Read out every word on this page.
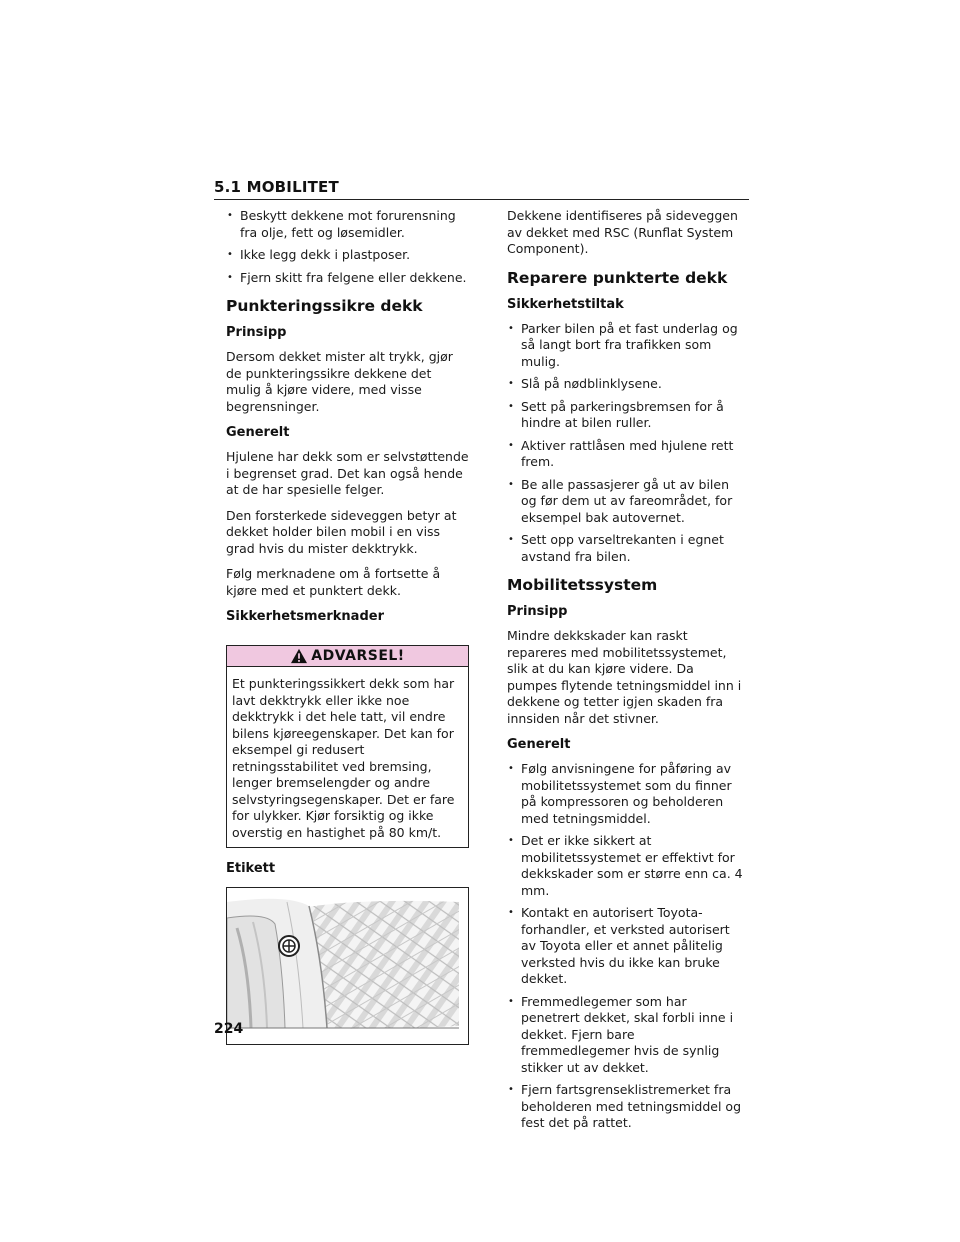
5.1 MOBILITET
• Beskytt dekkene mot forurensning fra olje, fett og løsemidler.
• Ikke legg dekk i plastposer.
• Fjern skitt fra felgene eller dekkene.
Punkteringssikre dekk
Prinsipp

Dersom dekket mister alt trykk, gjør de punkteringssikre dekkene det mulig å kjøre videre, med visse begrensninger.

Generelt

Hjulene har dekk som er selvstøttende i begrenset grad. Det kan også hende at de har spesielle felger.

Den forsterkede sideveggen betyr at dekket holder bilen mobil i en viss grad hvis du mister dekktrykk.

Følg merknadene om å fortsette å kjøre med et punktert dekk.

Sikkerhetsmerknader
ADVARSEL!
Et punkteringssikkert dekk som har lavt dekktrykk eller ikke noe dekktrykk i det hele tatt, vil endre bilens kjøreegenskaper. Det kan for eksempel gi redusert retningsstabilitet ved bremsing, lenger bremselengder og andre selvstyringsegenskaper. Det er fare for ulykker. Kjør forsiktig og ikke overstig en hastighet på 80 km/t.
Etikett

Dekkene identifiseres på sideveggen av dekket med RSC (Runflat System Component).

Reparere punkterte dekk
Sikkerhetstiltak
• Parker bilen på et fast underlag og så langt bort fra trafikken som mulig.
• Slå på nødblinklysene.
• Sett på parkeringsbremsen for å hindre at bilen ruller.
• Aktiver rattlåsen med hjulene rett frem.
• Be alle passasjerer gå ut av bilen og før dem ut av fareområdet, for eksempel bak autovernet.
• Sett opp varseltrekanten i egnet avstand fra bilen.
Mobilitetssystem
Prinsipp

Mindre dekkskader kan raskt repareres med mobilitetssystemet, slik at du kan kjøre videre. Da pumpes flytende tetningsmiddel inn i dekkene og tetter igjen skaden fra innsiden når det stivner.

Generelt
• Følg anvisningene for påføring av mobilitetssystemet som du finner på kompressoren og beholderen med tetningsmiddel.
• Det er ikke sikkert at mobilitetssystemet er effektivt for dekkskader som er større enn ca. 4 mm.
• Kontakt en autorisert Toyota-forhandler, et verksted autorisert av Toyota eller et annet pålitelig verksted hvis du ikke kan bruke dekket.
• Fremmedlegemer som har penetrert dekket, skal forbli inne i dekket. Fjern bare fremmedlegemer hvis de synlig stikker ut av dekket.
• Fjern fartsgrenseklistremerket fra beholderen med tetningsmiddel og fest det på rattet.
224
